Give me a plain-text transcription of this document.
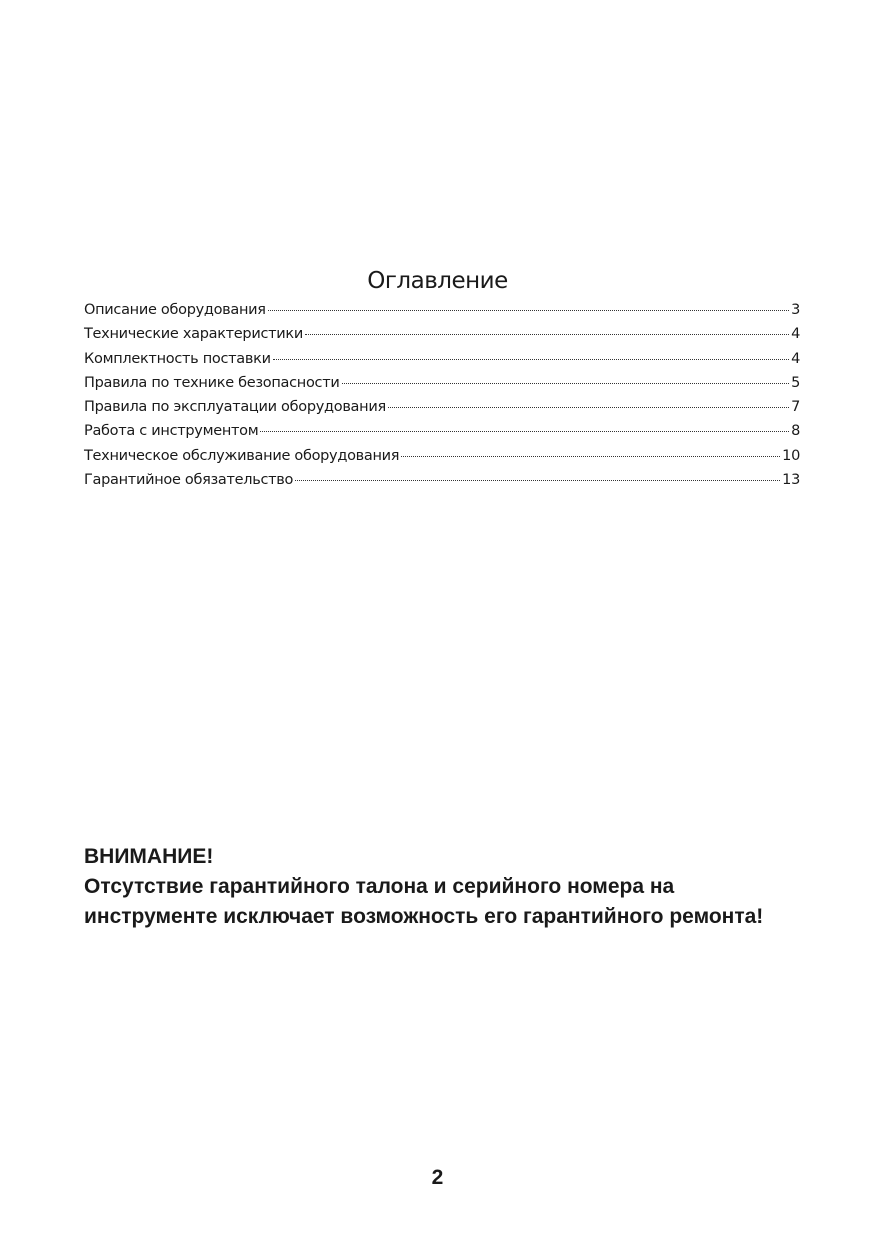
Оглавление
Описание оборудования	3
Технические характеристики	4
Комплектность поставки	4
Правила по технике безопасности	5
Правила по эксплуатации оборудования	7
Работа с инструментом	8
Техническое обслуживание оборудования	10
Гарантийное обязательство	13

ВНИМАНИЕ!

Отсутствие гарантийного талона и серийного номера на инструменте исключает возможность его гарантийного ремонта!

2
